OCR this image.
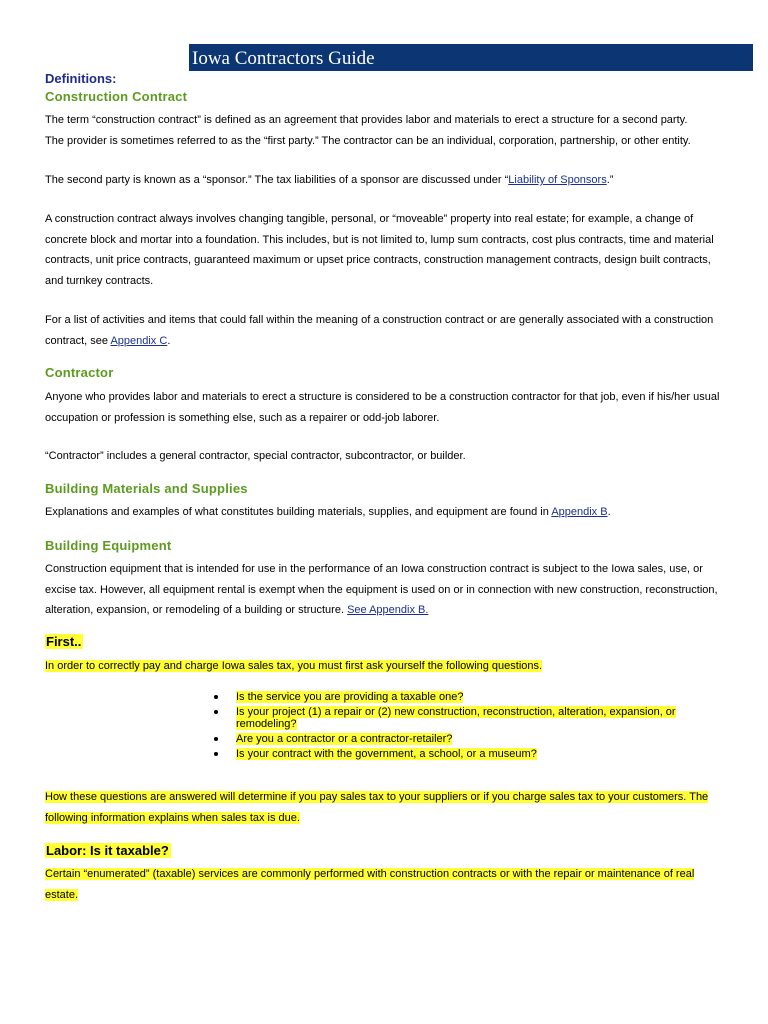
Iowa Contractors Guide
Definitions:
Construction Contract
The term “construction contract” is defined as an agreement that provides labor and materials to erect a structure for a second party.
The provider is sometimes referred to as the “first party.” The contractor can be an individual, corporation, partnership, or other entity.
The second party is known as a “sponsor.” The tax liabilities of a sponsor are discussed under “Liability of Sponsors.”
A construction contract always involves changing tangible, personal, or “moveable” property into real estate; for example, a change of concrete block and mortar into a foundation. This includes, but is not limited to, lump sum contracts, cost plus contracts, time and material contracts, unit price contracts, guaranteed maximum or upset price contracts, construction management contracts, design built contracts, and turnkey contracts.
For a list of activities and items that could fall within the meaning of a construction contract or are generally associated with a construction contract, see Appendix C.
Contractor
Anyone who provides labor and materials to erect a structure is considered to be a construction contractor for that job, even if his/her usual occupation or profession is something else, such as a repairer or odd-job laborer.
“Contractor” includes a general contractor, special contractor, subcontractor, or builder.
Building Materials and Supplies
Explanations and examples of what constitutes building materials, supplies, and equipment are found in Appendix B.
Building Equipment
Construction equipment that is intended for use in the performance of an Iowa construction contract is subject to the Iowa sales, use, or excise tax. However, all equipment rental is exempt when the equipment is used on or in connection with new construction, reconstruction, alteration, expansion, or remodeling of a building or structure. See Appendix B.
First..
In order to correctly pay and charge Iowa sales tax, you must first ask yourself the following questions.
Is the service you are providing a taxable one?
Is your project (1) a repair or (2) new construction, reconstruction, alteration, expansion, or remodeling?
Are you a contractor or a contractor-retailer?
Is your contract with the government, a school, or a museum?
How these questions are answered will determine if you pay sales tax to your suppliers or if you charge sales tax to your customers. The following information explains when sales tax is due.
Labor: Is it taxable?
Certain “enumerated” (taxable) services are commonly performed with construction contracts or with the repair or maintenance of real estate.
